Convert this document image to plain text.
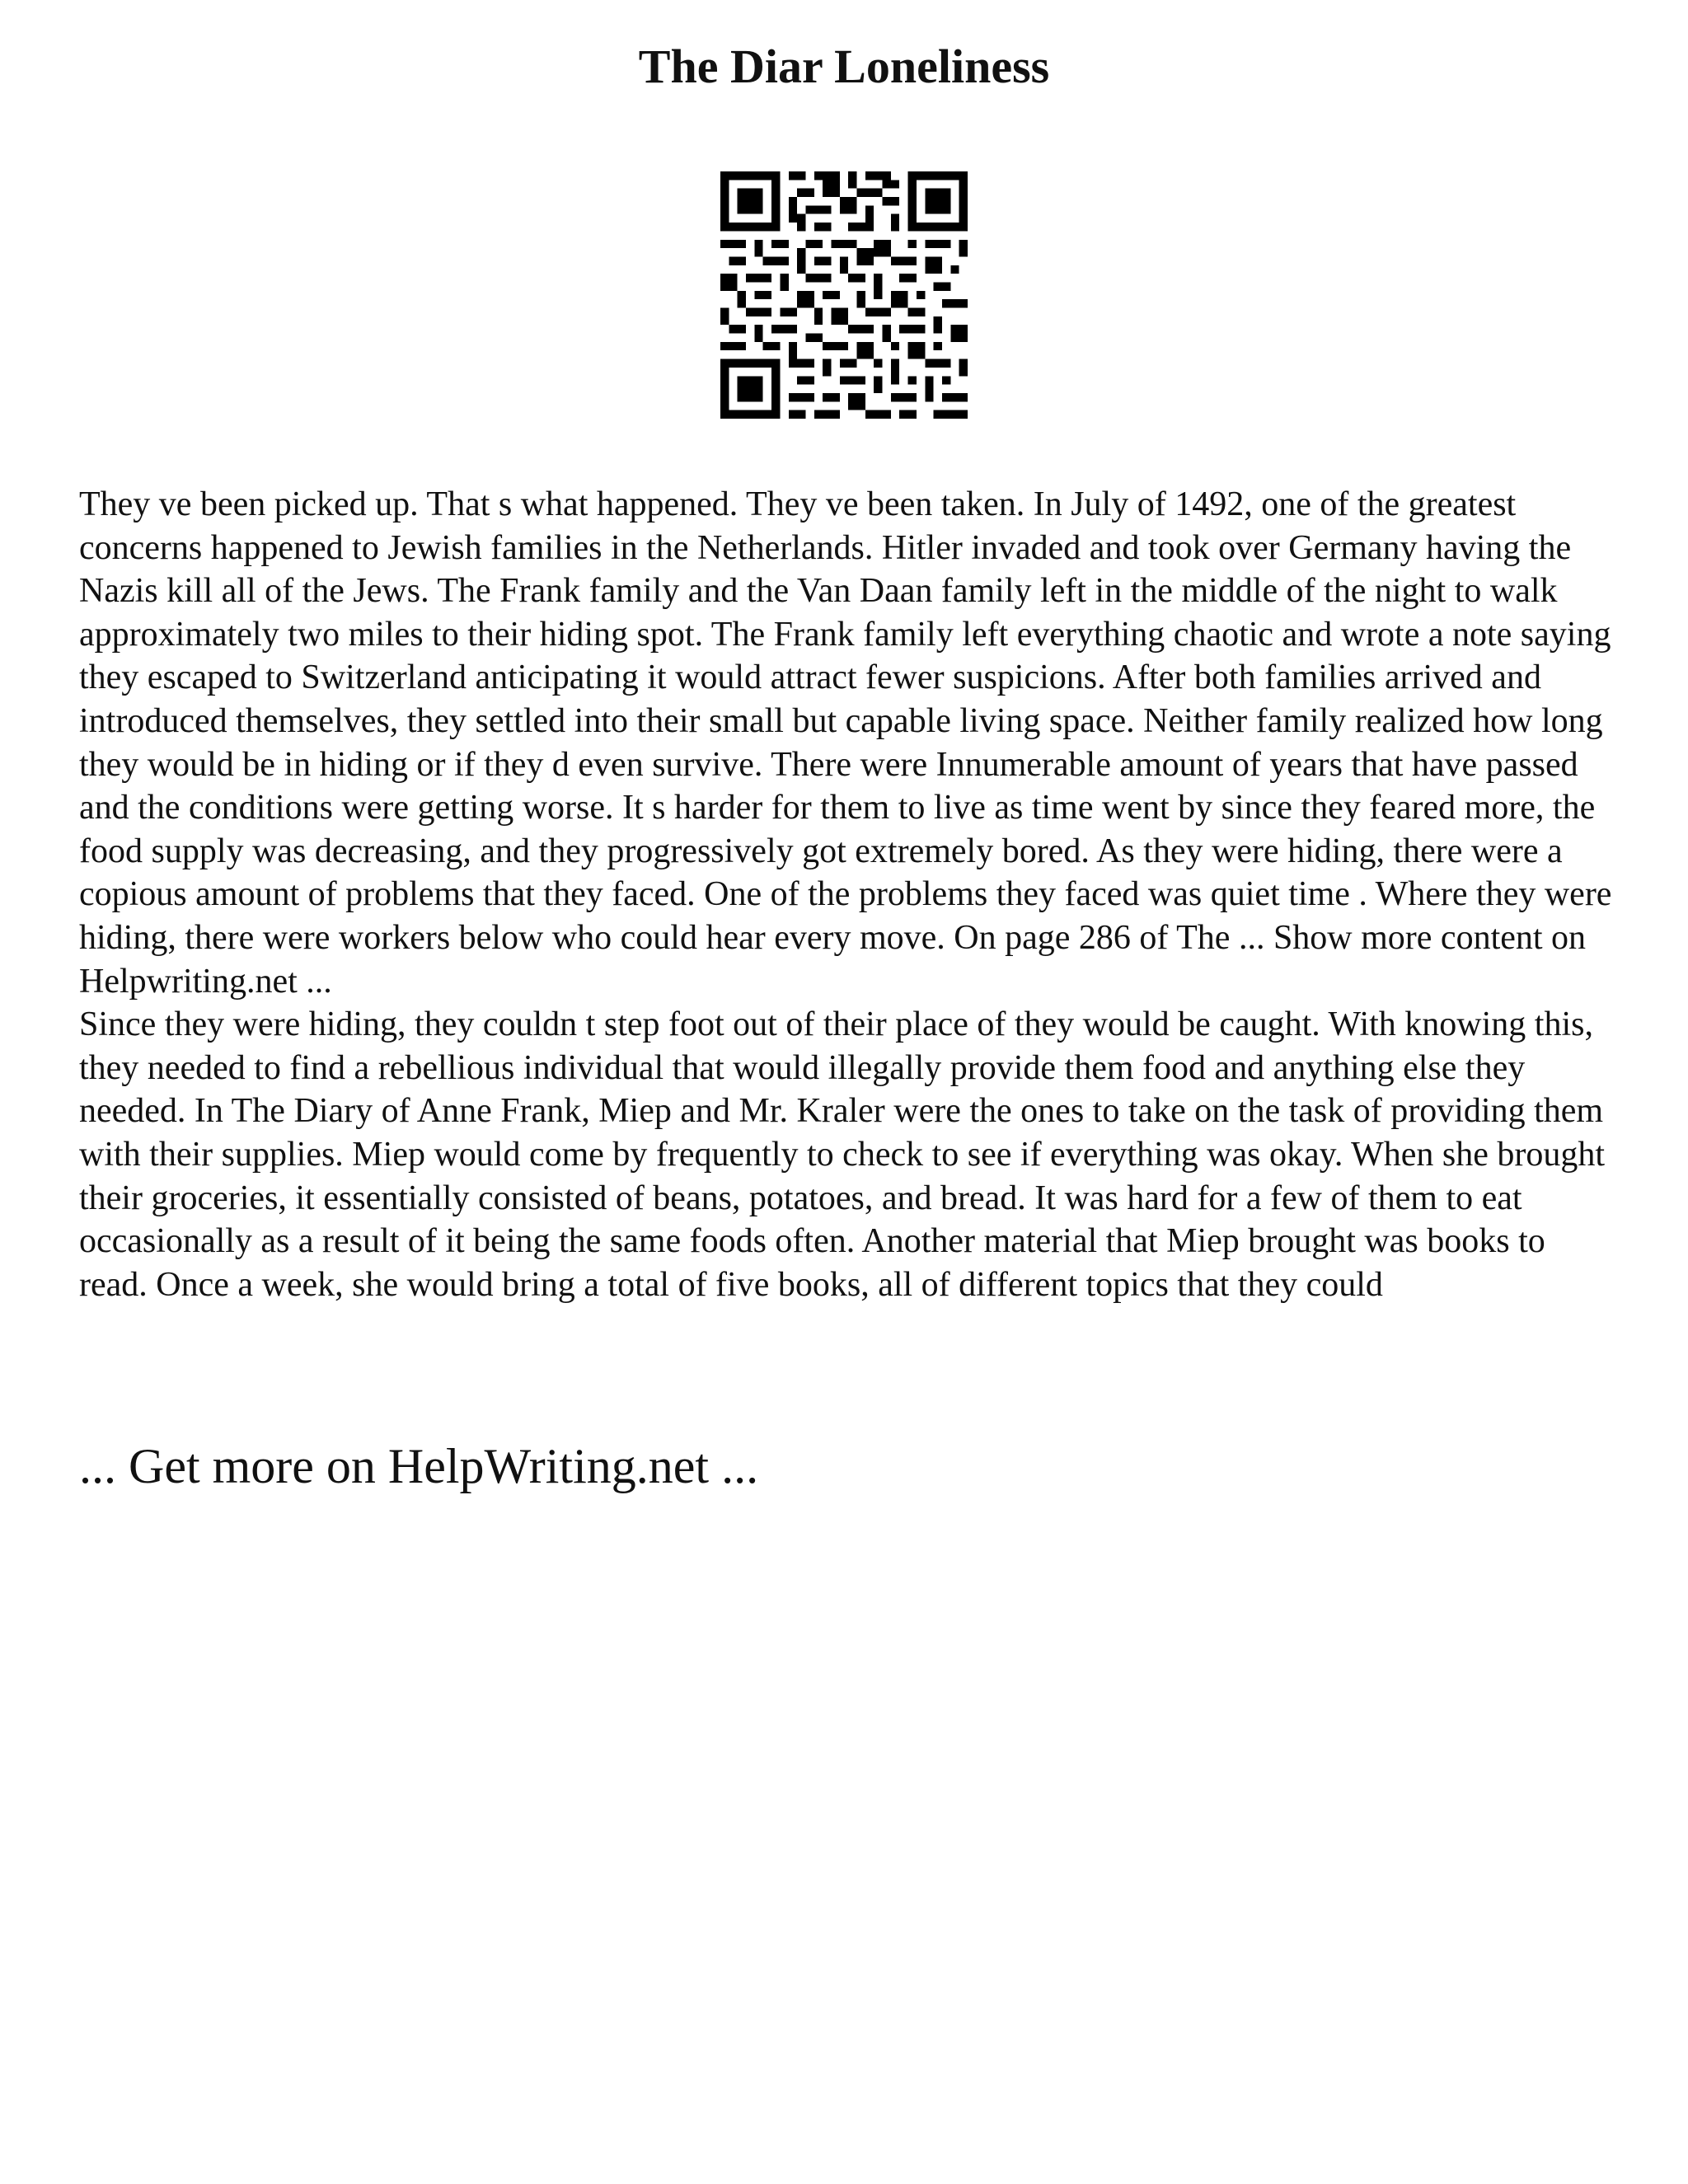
The Diar Loneliness

They ve been picked up. That s what happened. They ve been taken. In July of 1492, one of the greatest concerns happened to Jewish families in the Netherlands. Hitler invaded and took over Germany having the Nazis kill all of the Jews. The Frank family and the Van Daan family left in the middle of the night to walk approximately two miles to their hiding spot. The Frank family left everything chaotic and wrote a note saying they escaped to Switzerland anticipating it would attract fewer suspicions. After both families arrived and introduced themselves, they settled into their small but capable living space. Neither family realized how long they would be in hiding or if they d even survive. There were Innumerable amount of years that have passed and the conditions were getting worse. It s harder for them to live as time went by since they feared more, the food supply was decreasing, and they progressively got extremely bored. As they were hiding, there were a copious amount of problems that they faced. One of the problems they faced was quiet time . Where they were hiding, there were workers below who could hear every move. On page 286 of The ... Show more content on Helpwriting.net ...

Since they were hiding, they couldn t step foot out of their place of they would be caught. With knowing this, they needed to find a rebellious individual that would illegally provide them food and anything else they needed. In The Diary of Anne Frank, Miep and Mr. Kraler were the ones to take on the task of providing them with their supplies. Miep would come by frequently to check to see if everything was okay. When she brought their groceries, it essentially consisted of beans, potatoes, and bread. It was hard for a few of them to eat occasionally as a result of it being the same foods often. Another material that Miep brought was books to read. Once a week, she would bring a total of five books, all of different topics that they could

... Get more on HelpWriting.net ...
